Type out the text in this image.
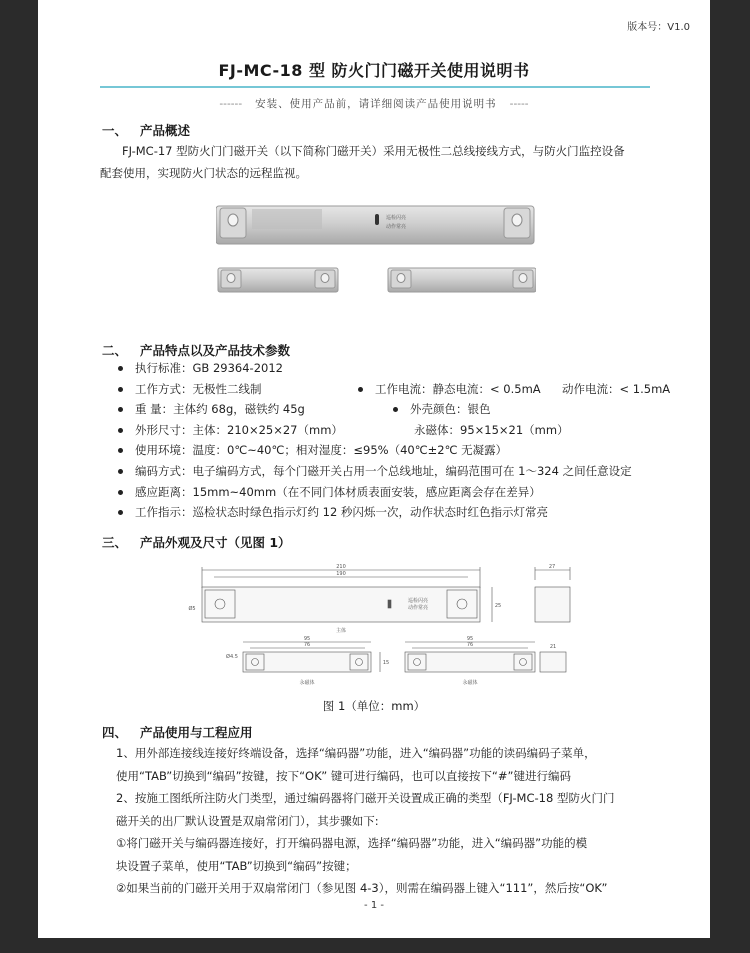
版本号：V1.0
FJ-MC-18 型 防火门门磁开关使用说明书
------ 安装、使用产品前，请详细阅读产品使用说明书 -----
一、 产品概述
FJ-MC-17 型防火门门磁开关（以下简称门磁开关）采用无极性二总线接线方式，与防火门监控设备
配套使用，实现防火门状态的远程监视。
巡检闪亮
动作常亮
二、 产品特点以及产品技术参数
执行标准：GB 29364-2012
工作方式：无极性二线制	工作电流：静态电流：< 0.5mA 动作电流：< 1.5mA
重 量：主体约 68g，磁铁约 45g	外壳颜色：银色
外形尺寸：主体：210×25×27（mm）	永磁体：95×15×21（mm）
使用环境：温度：0℃~40℃；相对湿度：≤95%（40℃±2℃ 无凝露）
编码方式：电子编码方式，每个门磁开关占用一个总线地址，编码范围可在 1～324 之间任意设定
感应距离：15mm~40mm（在不同门体材质表面安装，感应距离会存在差异）
工作指示：巡检状态时绿色指示灯约 12 秒闪烁一次，动作状态时红色指示灯常亮
三、 产品外观及尺寸（见图 1）
210
190
27
25
Ø5
巡检闪亮
动作常亮
主体
95
76
95
76
Ø4.5
15
21
永磁体	永磁体
图 1（单位：mm）
四、 产品使用与工程应用
1、用外部连接线连接好终端设备，选择“编码器”功能，进入“编码器”功能的读码编码子菜单，
使用“TAB”切换到“编码”按键，按下“OK” 键可进行编码，也可以直接按下“#”键进行编码
2、按施工图纸所注防火门类型，通过编码器将门磁开关设置成正确的类型（FJ-MC-18 型防火门门
磁开关的出厂默认设置是双扇常闭门），其步骤如下:
①将门磁开关与编码器连接好，打开编码器电源，选择“编码器”功能，进入“编码器”功能的模
块设置子菜单，使用“TAB”切换到“编码”按键；
②如果当前的门磁开关用于双扇常闭门（参见图 4-3），则需在编码器上键入“111”，然后按“OK”
- 1 -
